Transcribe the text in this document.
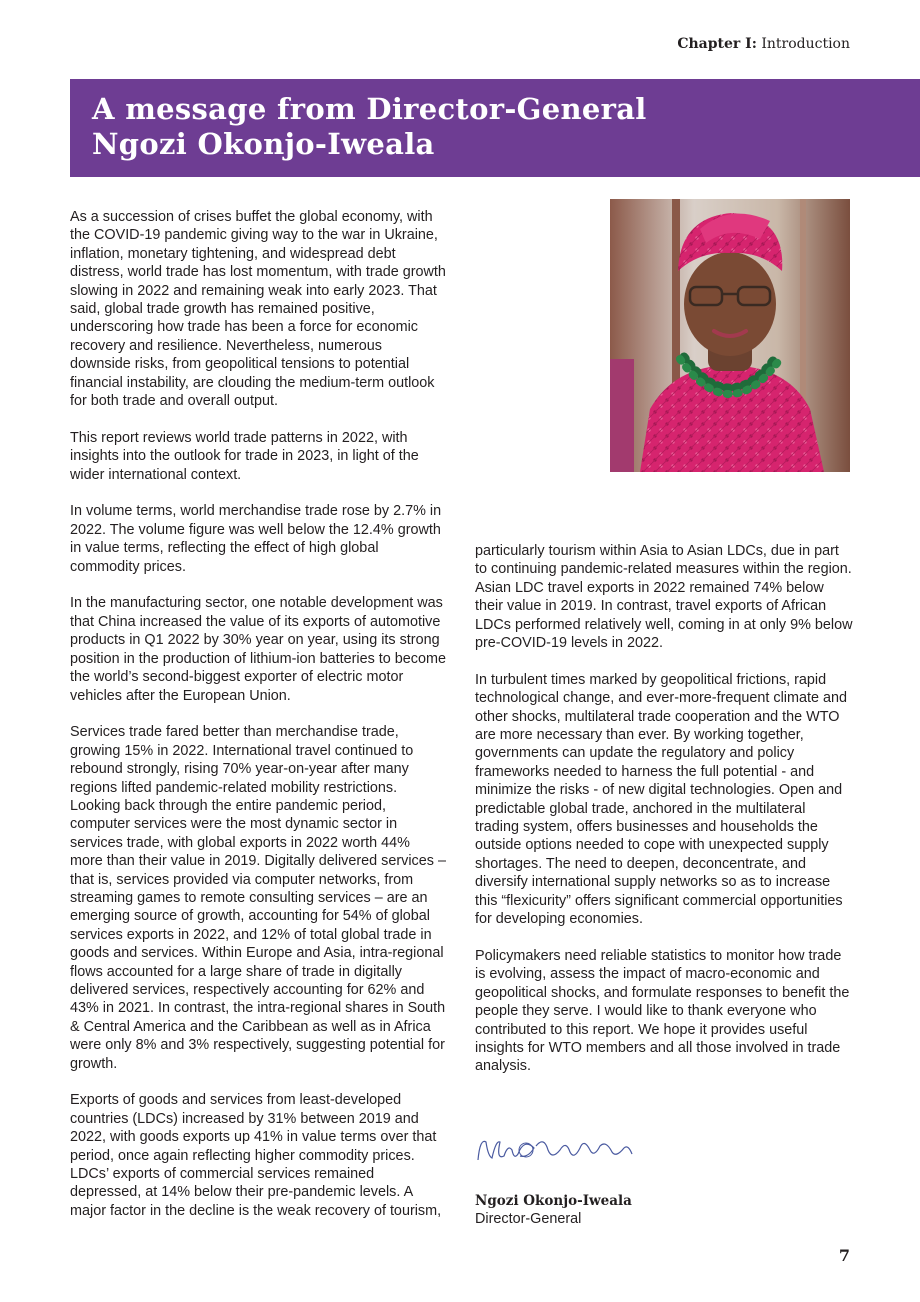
Chapter I: Introduction
A message from Director-General
Ngozi Okonjo-Iweala

As a succession of crises buffet the global economy, with the COVID-19 pandemic giving way to the war in Ukraine, inflation, monetary tightening, and widespread debt distress, world trade has lost momentum, with trade growth slowing in 2022 and remaining weak into early 2023. That said, global trade growth has remained positive, underscoring how trade has been a force for economic recovery and resilience. Nevertheless, numerous downside risks, from geopolitical tensions to potential financial instability, are clouding the medium-term outlook for both trade and overall output.

This report reviews world trade patterns in 2022, with insights into the outlook for trade in 2023, in light of the wider international context.

In volume terms, world merchandise trade rose by 2.7% in 2022. The volume figure was well below the 12.4% growth in value terms, reflecting the effect of high global commodity prices.

In the manufacturing sector, one notable development was that China increased the value of its exports of automotive products in Q1 2022 by 30% year on year, using its strong position in the production of lithium-ion batteries to become the world’s second-biggest exporter of electric motor vehicles after the European Union.

Services trade fared better than merchandise trade, growing 15% in 2022. International travel continued to rebound strongly, rising 70% year-on-year after many regions lifted pandemic-related mobility restrictions. Looking back through the entire pandemic period, computer services were the most dynamic sector in services trade, with global exports in 2022 worth 44% more than their value in 2019. Digitally delivered services – that is, services provided via computer networks, from streaming games to remote consulting services – are an emerging source of growth, accounting for 54% of global services exports in 2022, and 12% of total global trade in goods and services. Within Europe and Asia, intra-regional flows accounted for a large share of trade in digitally delivered services, respectively accounting for 62% and 43% in 2021. In contrast, the intra-regional shares in South & Central America and the Caribbean as well as in Africa were only 8% and 3% respectively, suggesting potential for growth.

Exports of goods and services from least-developed countries (LDCs) increased by 31% between 2019 and 2022, with goods exports up 41% in value terms over that period, once again reflecting higher commodity prices. LDCs’ exports of commercial services remained depressed, at 14% below their pre-pandemic levels. A major factor in the decline is the weak recovery of tourism,

particularly tourism within Asia to Asian LDCs, due in part to continuing pandemic-related measures within the region. Asian LDC travel exports in 2022 remained 74% below their value in 2019. In contrast, travel exports of African LDCs performed relatively well, coming in at only 9% below pre-COVID-19 levels in 2022.

In turbulent times marked by geopolitical frictions, rapid technological change, and ever-more-frequent climate and other shocks, multilateral trade cooperation and the WTO are more necessary than ever. By working together, governments can update the regulatory and policy frameworks needed to harness the full potential - and minimize the risks - of new digital technologies. Open and predictable global trade, anchored in the multilateral trading system, offers businesses and households the outside options needed to cope with unexpected supply shortages. The need to deepen, deconcentrate, and diversify international supply networks so as to increase this “flexicurity” offers significant commercial opportunities for developing economies.

Policymakers need reliable statistics to monitor how trade is evolving, assess the impact of macro-economic and geopolitical shocks, and formulate responses to benefit the people they serve. I would like to thank everyone who contributed to this report. We hope it provides useful insights for WTO members and all those involved in trade analysis.

Ngozi Okonjo-Iweala
Director-General
7
